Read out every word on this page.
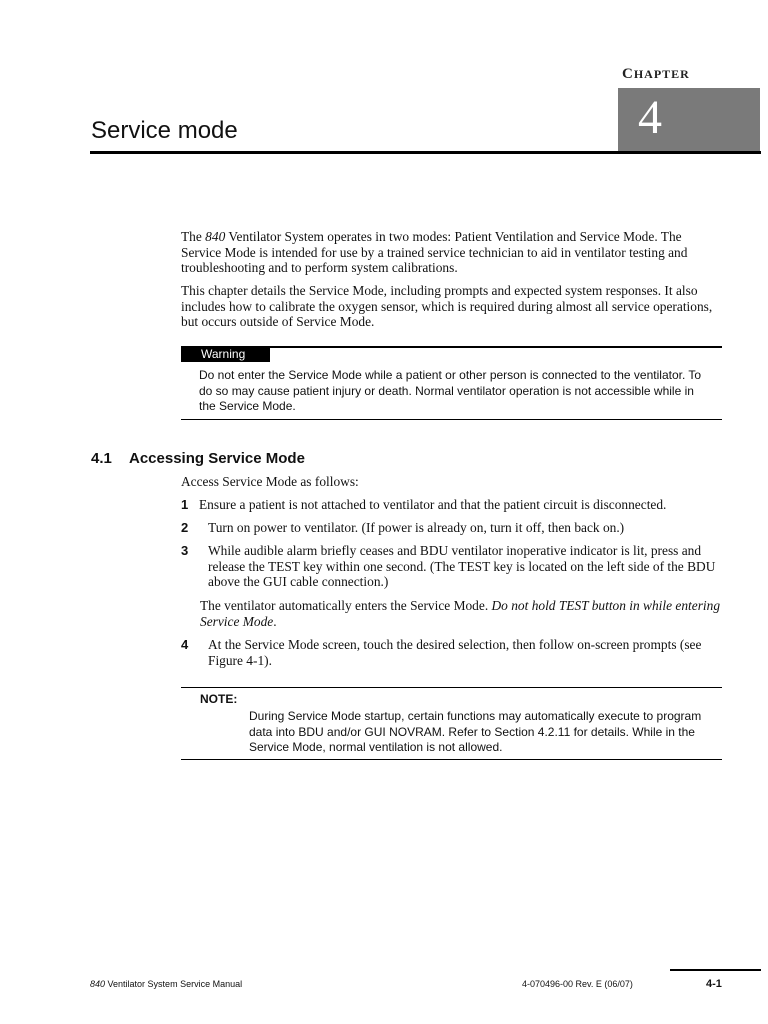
CHAPTER
4
Service mode

The 840 Ventilator System operates in two modes: Patient Ventilation and Service Mode. The Service Mode is intended for use by a trained service technician to aid in ventilator testing and troubleshooting and to perform system calibrations.

This chapter details the Service Mode, including prompts and expected system responses. It also includes how to calibrate the oxygen sensor, which is required during almost all service operations, but occurs outside of Service Mode.

Warning

Do not enter the Service Mode while a patient or other person is connected to the ventilator. To do so may cause patient injury or death. Normal ventilator operation is not accessible while in the Service Mode.

4.1 Accessing Service Mode

Access Service Mode as follows:

1 Ensure a patient is not attached to ventilator and that the patient circuit is disconnected.

2 Turn on power to ventilator. (If power is already on, turn it off, then back on.)

3 While audible alarm briefly ceases and BDU ventilator inoperative indicator is lit, press and release the TEST key within one second. (The TEST key is located on the left side of the BDU above the GUI cable connection.)

The ventilator automatically enters the Service Mode. Do not hold TEST button in while entering Service Mode.

4 At the Service Mode screen, touch the desired selection, then follow on-screen prompts (see Figure 4-1).

NOTE:

During Service Mode startup, certain functions may automatically execute to program data into BDU and/or GUI NOVRAM. Refer to Section 4.2.11 for details. While in the Service Mode, normal ventilation is not allowed.

840 Ventilator System Service Manual	4-070496-00 Rev. E (06/07)	4-1
